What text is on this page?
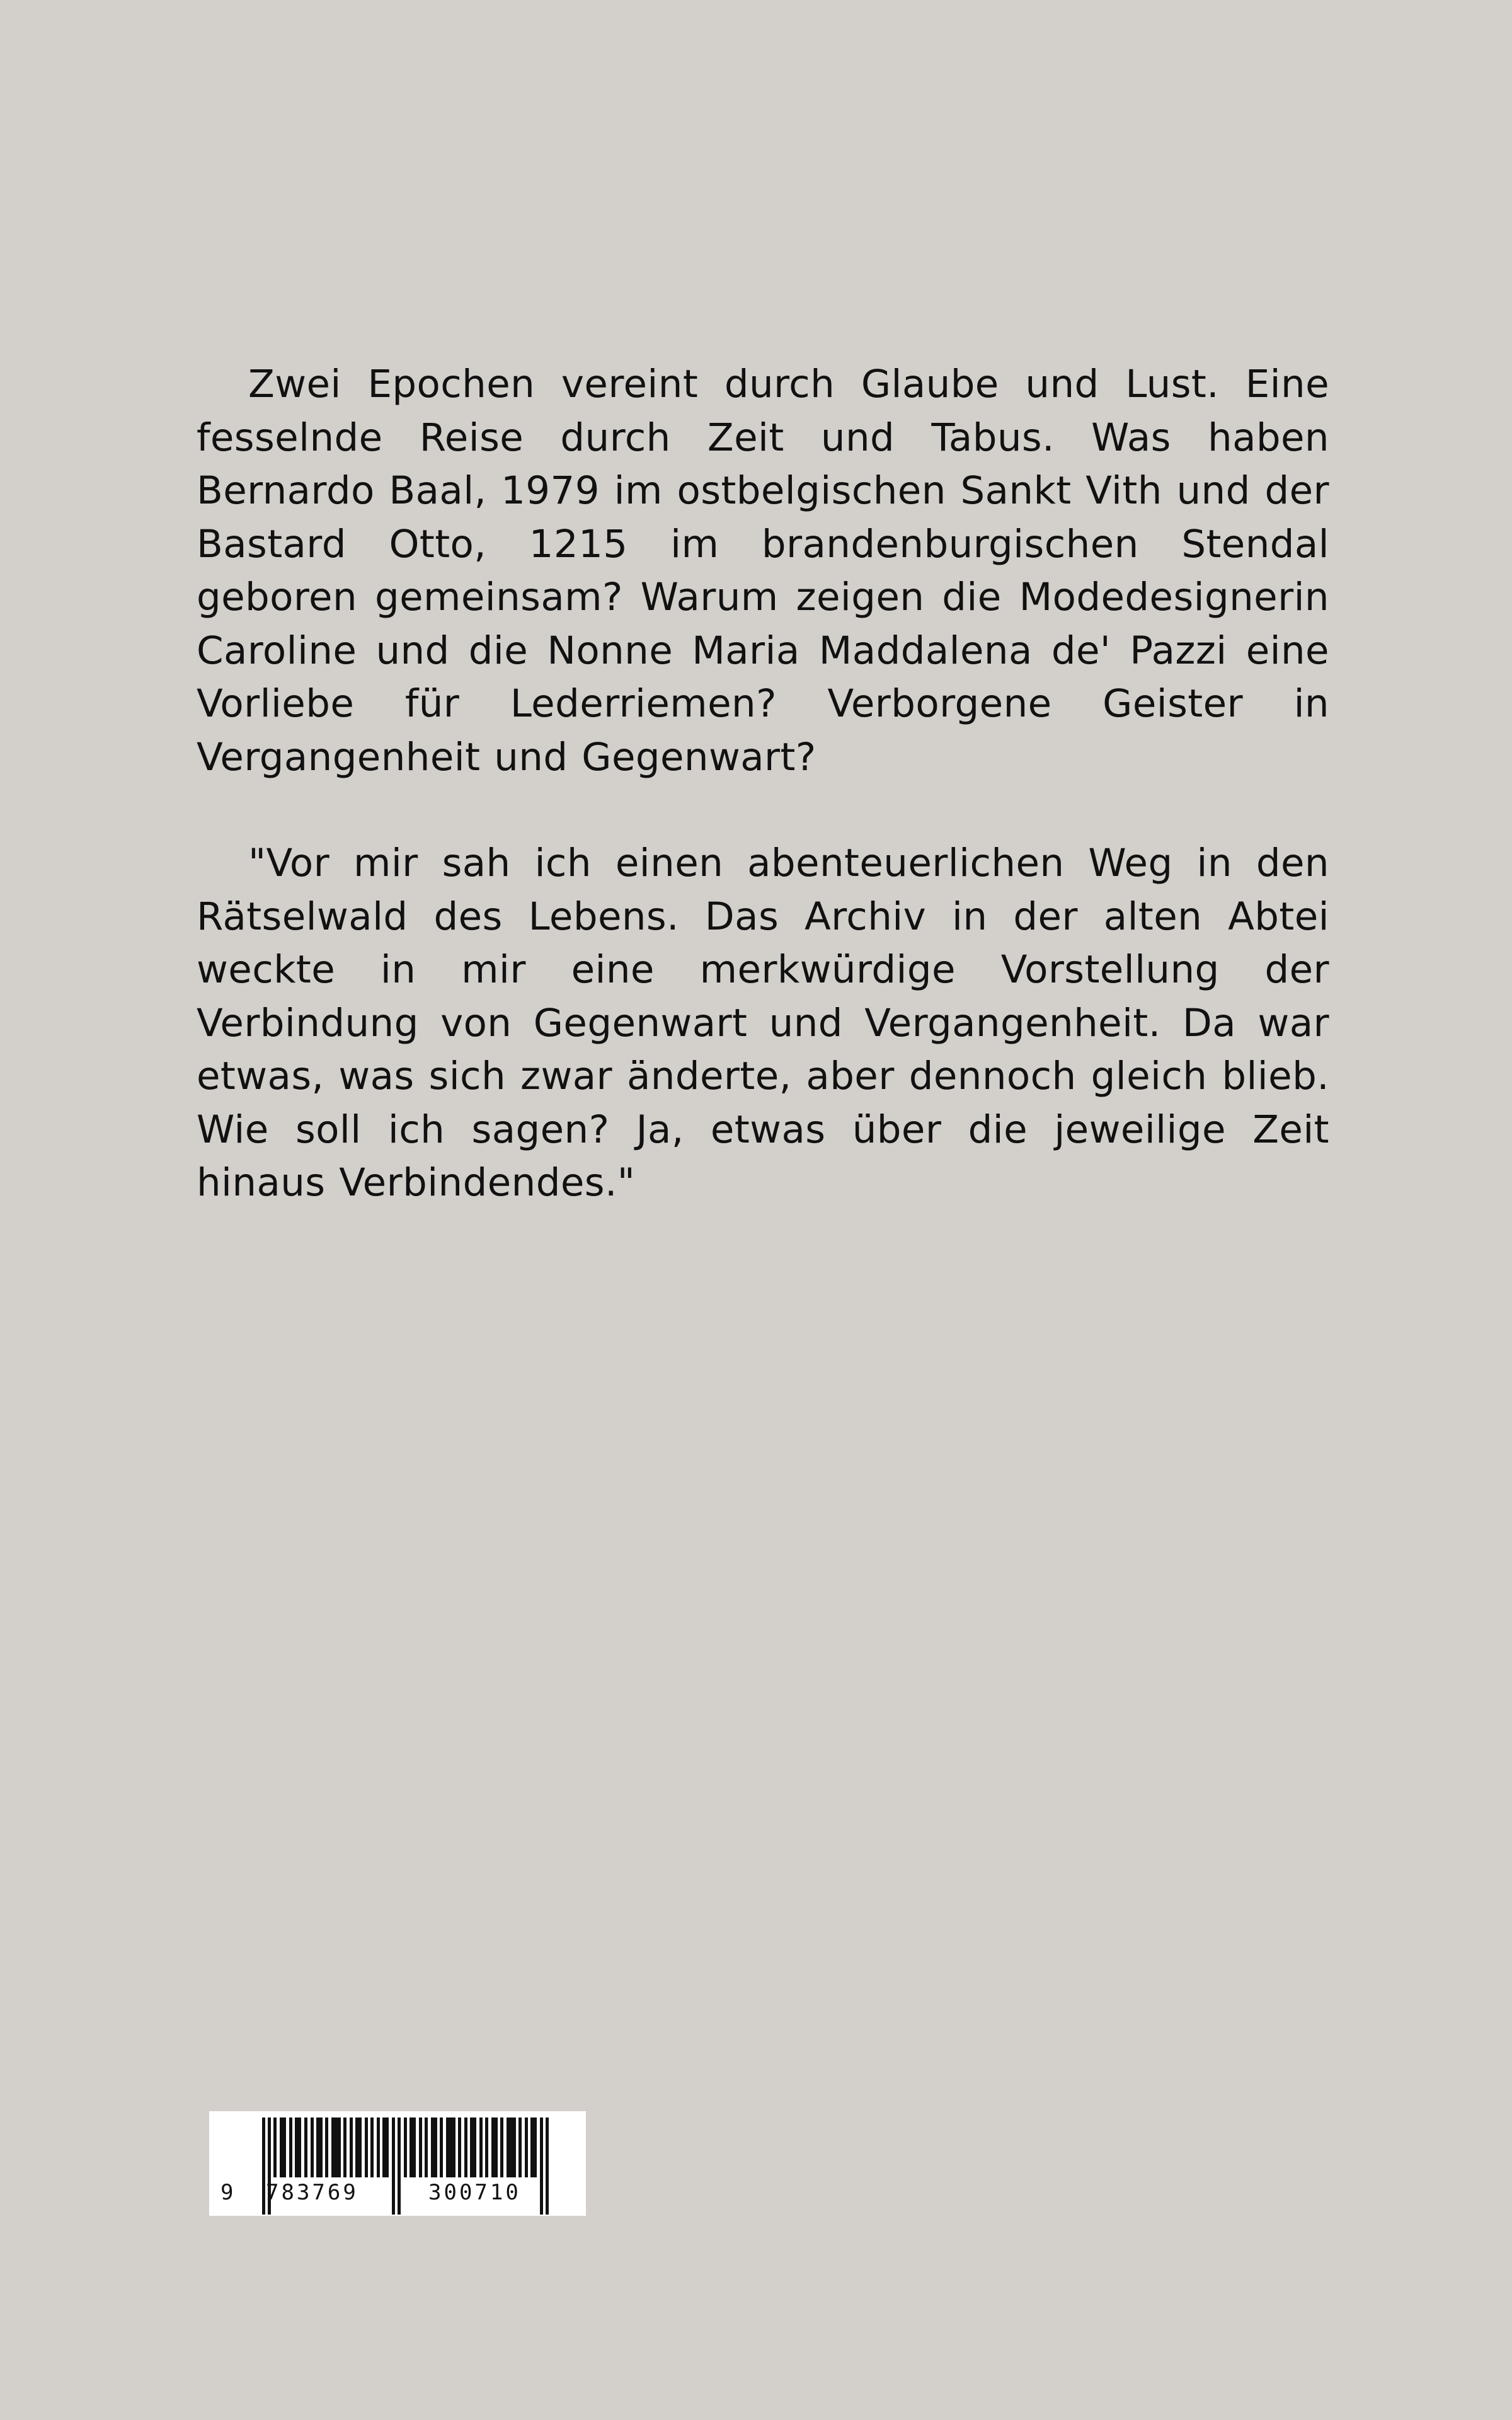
Zwei Epochen vereint durch Glaube und Lust. Eine fesselnde Reise durch Zeit und Tabus. Was haben Bernardo Baal, 1979 im ostbelgischen Sankt Vith und der Bastard Otto, 1215 im brandenburgischen Stendal geboren gemeinsam? Warum zeigen die Modedesignerin Caroline und die Nonne Maria Maddalena de' Pazzi eine Vorliebe für Lederriemen? Verborgene Geister in Vergangenheit und Gegenwart?

"Vor mir sah ich einen abenteuerlichen Weg in den Rätselwald des Lebens. Das Archiv in der alten Abtei weckte in mir eine merkwürdige Vorstellung der Verbindung von Gegenwart und Vergangenheit. Da war etwas, was sich zwar änderte, aber dennoch gleich blieb. Wie soll ich sagen? Ja, etwas über die jeweilige Zeit hinaus Verbindendes."

9 783769	300710
